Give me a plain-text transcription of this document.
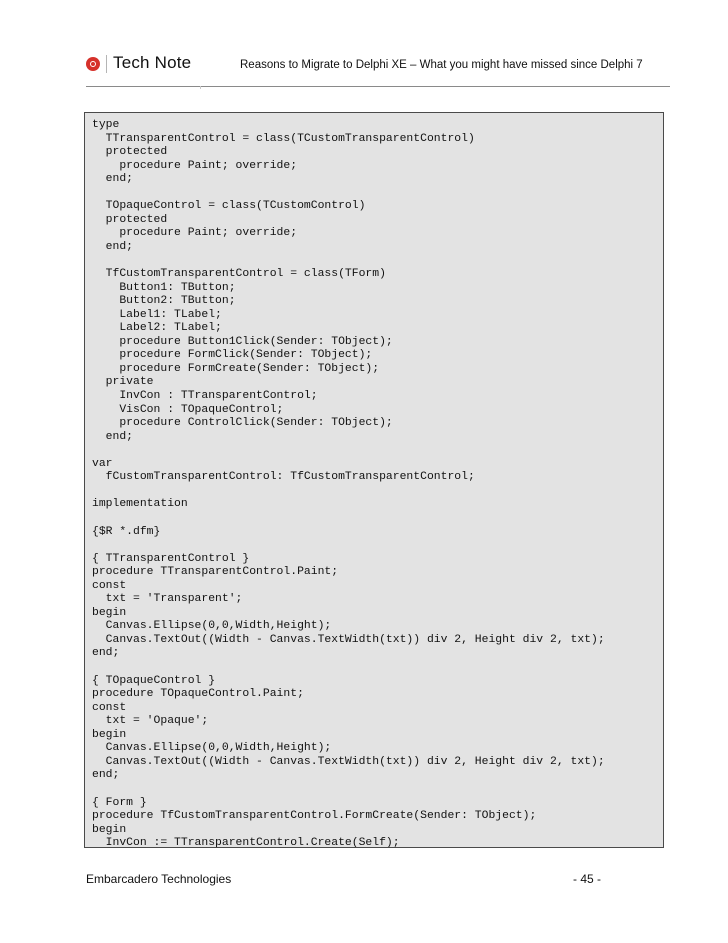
Tech Note	Reasons to Migrate to Delphi XE – What you might have missed since Delphi 7
type
TTransparentControl = class(TCustomTransparentControl)
protected
procedure Paint; override;
end;
TOpaqueControl = class(TCustomControl)
protected
procedure Paint; override;
end;
TfCustomTransparentControl = class(TForm)
Button1: TButton;
Button2: TButton;
Label1: TLabel;
Label2: TLabel;
procedure Button1Click(Sender: TObject);
procedure FormClick(Sender: TObject);
procedure FormCreate(Sender: TObject);
private
InvCon : TTransparentControl;
VisCon : TOpaqueControl;
procedure ControlClick(Sender: TObject);
end;
var
fCustomTransparentControl: TfCustomTransparentControl;
implementation
{$R *.dfm}
{ TTransparentControl }
procedure TTransparentControl.Paint;
const
txt = 'Transparent';
begin
Canvas.Ellipse(0,0,Width,Height);
Canvas.TextOut((Width - Canvas.TextWidth(txt)) div 2, Height div 2, txt);
end;
{ TOpaqueControl }
procedure TOpaqueControl.Paint;
const
txt = 'Opaque';
begin
Canvas.Ellipse(0,0,Width,Height);
Canvas.TextOut((Width - Canvas.TextWidth(txt)) div 2, Height div 2, txt);
end;
{ Form }
procedure TfCustomTransparentControl.FormCreate(Sender: TObject);
begin
InvCon := TTransparentControl.Create(Self);
Embarcadero Technologies	- 45 -
